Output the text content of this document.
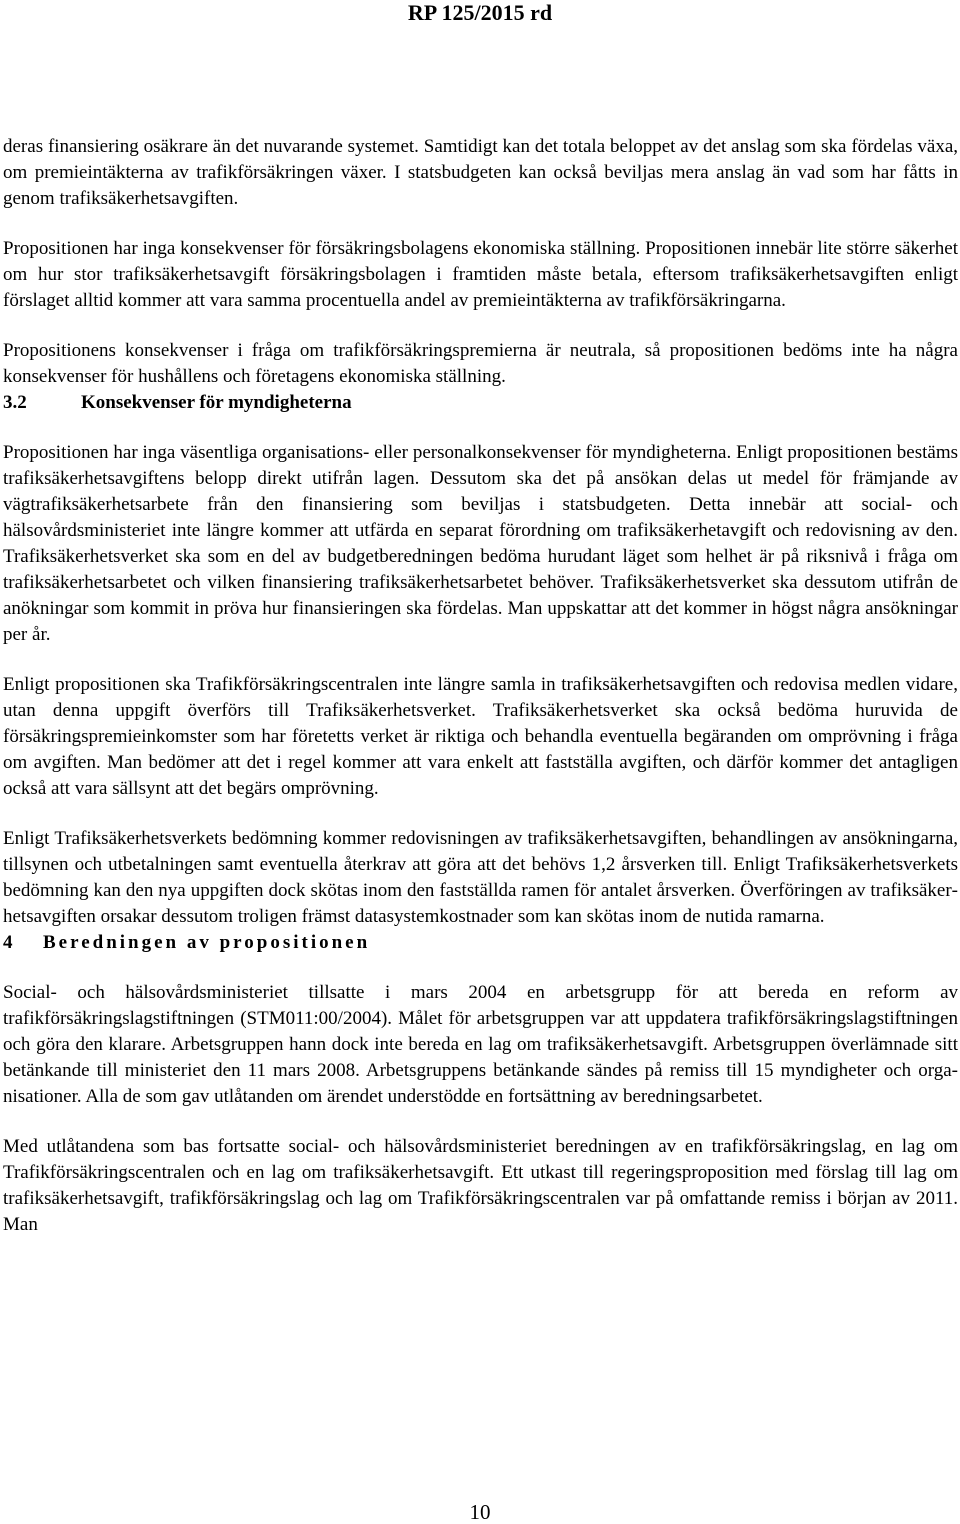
RP 125/2015 rd

deras finansiering osäkrare än det nuvarande systemet. Samtidigt kan det totala beloppet av det anslag som ska fördelas växa, om premieintäkterna av trafikförsäkringen växer. I statsbudgeten kan också beviljas mera anslag än vad som har fåtts in genom trafiksäkerhetsavgiften.

Propositionen har inga konsekvenser för försäkringsbolagens ekonomiska ställning. Propositionen innebär lite större säkerhet om hur stor trafiksäkerhetsavgift försäkringsbolagen i framtiden måste betala, eftersom trafiksäkerhetsavgiften enligt förslaget alltid kommer att vara samma procentuella andel av premieintäkterna av trafikförsäkringarna.

Propositionens konsekvenser i fråga om trafikförsäkringspremierna är neutrala, så propositionen bedöms inte ha några konsekvenser för hushållens och företagens ekonomiska ställning.

3.2	Konsekvenser för myndigheterna

Propositionen har inga väsentliga organisations- eller personalkonsekvenser för myndigheterna. Enligt propositionen bestäms trafiksäkerhetsavgiftens belopp direkt utifrån lagen. Dessutom ska det på ansökan delas ut medel för främjande av vägtrafiksäkerhetsarbete från den finansiering som beviljas i statsbudgeten. Detta innebär att social- och hälsovårdsministeriet inte längre kommer att utfärda en separat förordning om trafiksäkerhetavgift och redovisning av den. Trafiksäkerhetsverket ska som en del av budgetberedningen bedöma hurudant läget som helhet är på riksnivå i fråga om trafiksäkerhetsarbetet och vilken finansiering trafiksäkerhetsarbetet behöver. Trafiksäkerhetsverket ska dessutom utifrån de anökningar som kommit in pröva hur finansieringen ska fördelas. Man uppskattar att det kommer in högst några ansökningar per år.

Enligt propositionen ska Trafikförsäkringscentralen inte längre samla in trafiksäkerhetsavgiften och redovisa medlen vidare, utan denna uppgift överförs till Trafiksäkerhetsverket. Trafiksäkerhetsverket ska också bedöma huruvida de försäkringspremieinkomster som har företetts verket är riktiga och behandla eventuella begäranden om omprövning i fråga om avgiften. Man bedömer att det i regel kommer att vara enkelt att fastställa avgiften, och därför kommer det antagligen också att vara sällsynt att det begärs omprövning.

Enligt Trafiksäkerhetsverkets bedömning kommer redovisningen av trafiksäkerhetsavgiften, behandlingen av ansökningarna, tillsynen och utbetalningen samt eventuella återkrav att göra att det behövs 1,2 årsverken till. Enligt Trafiksäkerhetsverkets bedömning kan den nya uppgiften dock skötas inom den fastställda ramen för antalet årsverken. Överföringen av trafiksäkerhetsavgiften orsakar dessutom troligen främst datasystemkostnader som kan skötas inom de nutida ramarna.

4 Beredningen av propositionen

Social- och hälsovårdsministeriet tillsatte i mars 2004 en arbetsgrupp för att bereda en reform av trafikförsäkringslagstiftningen (STM011:00/2004). Målet för arbetsgruppen var att uppdatera trafikförsäkringslagstiftningen och göra den klarare. Arbetsgruppen hann dock inte bereda en lag om trafiksäkerhetsavgift. Arbetsgruppen överlämnade sitt betänkande till ministeriet den 11 mars 2008. Arbetsgruppens betänkande sändes på remiss till 15 myndigheter och organisationer. Alla de som gav utlåtanden om ärendet understödde en fortsättning av beredningsarbetet.

Med utlåtandena som bas fortsatte social- och hälsovårdsministeriet beredningen av en trafikförsäkringslag, en lag om Trafikförsäkringscentralen och en lag om trafiksäkerhetsavgift. Ett utkast till regeringsproposition med förslag till lag om trafiksäkerhetsavgift, trafikförsäkringslag och lag om Trafikförsäkringscentralen var på omfattande remiss i början av 2011. Man

10
